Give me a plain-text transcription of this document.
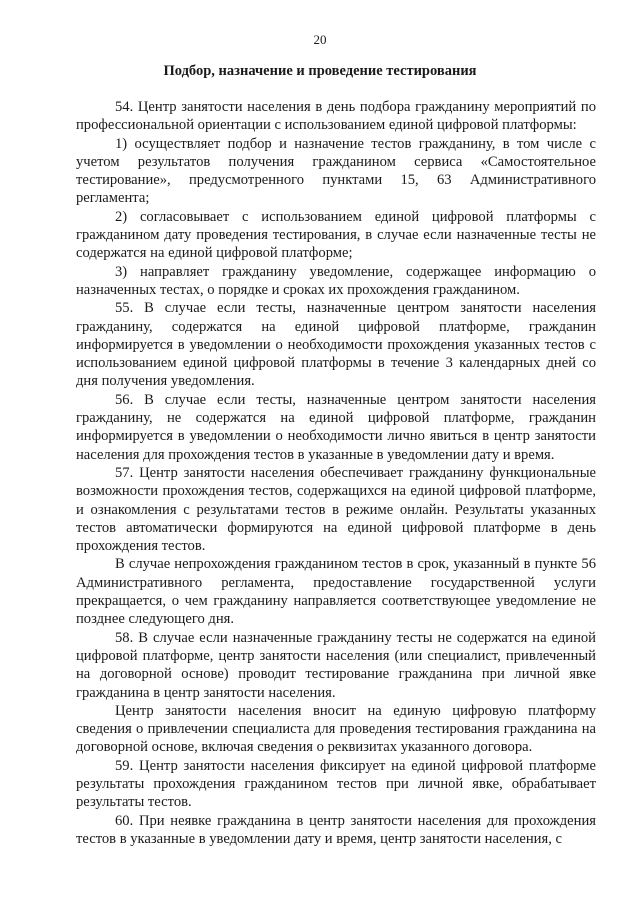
20
Подбор, назначение и проведение тестирования

54. Центр занятости населения в день подбора гражданину мероприятий по профессиональной ориентации с использованием единой цифровой платформы:

1) осуществляет подбор и назначение тестов гражданину, в том числе с учетом результатов получения гражданином сервиса «Самостоятельное тестирование», предусмотренного пунктами 15, 63 Административного регламента;

2) согласовывает с использованием единой цифровой платформы с гражданином дату проведения тестирования, в случае если назначенные тесты не содержатся на единой цифровой платформе;

3) направляет гражданину уведомление, содержащее информацию о назначенных тестах, о порядке и сроках их прохождения гражданином.

55. В случае если тесты, назначенные центром занятости населения гражданину, содержатся на единой цифровой платформе, гражданин информируется в уведомлении о необходимости прохождения указанных тестов с использованием единой цифровой платформы в течение 3 календарных дней со дня получения уведомления.

56. В случае если тесты, назначенные центром занятости населения гражданину, не содержатся на единой цифровой платформе, гражданин информируется в уведомлении о необходимости лично явиться в центр занятости населения для прохождения тестов в указанные в уведомлении дату и время.

57. Центр занятости населения обеспечивает гражданину функциональные возможности прохождения тестов, содержащихся на единой цифровой платформе, и ознакомления с результатами тестов в режиме онлайн. Результаты указанных тестов автоматически формируются на единой цифровой платформе в день прохождения тестов.

В случае непрохождения гражданином тестов в срок, указанный в пункте 56 Административного регламента, предоставление государственной услуги прекращается, о чем гражданину направляется соответствующее уведомление не позднее следующего дня.

58. В случае если назначенные гражданину тесты не содержатся на единой цифровой платформе, центр занятости населения (или специалист, привлеченный на договорной основе) проводит тестирование гражданина при личной явке гражданина в центр занятости населения.

Центр занятости населения вносит на единую цифровую платформу сведения о привлечении специалиста для проведения тестирования гражданина на договорной основе, включая сведения о реквизитах указанного договора.

59. Центр занятости населения фиксирует на единой цифровой платформе результаты прохождения гражданином тестов при личной явке, обрабатывает результаты тестов.

60. При неявке гражданина в центр занятости населения для прохождения тестов в указанные в уведомлении дату и время, центр занятости населения, с
